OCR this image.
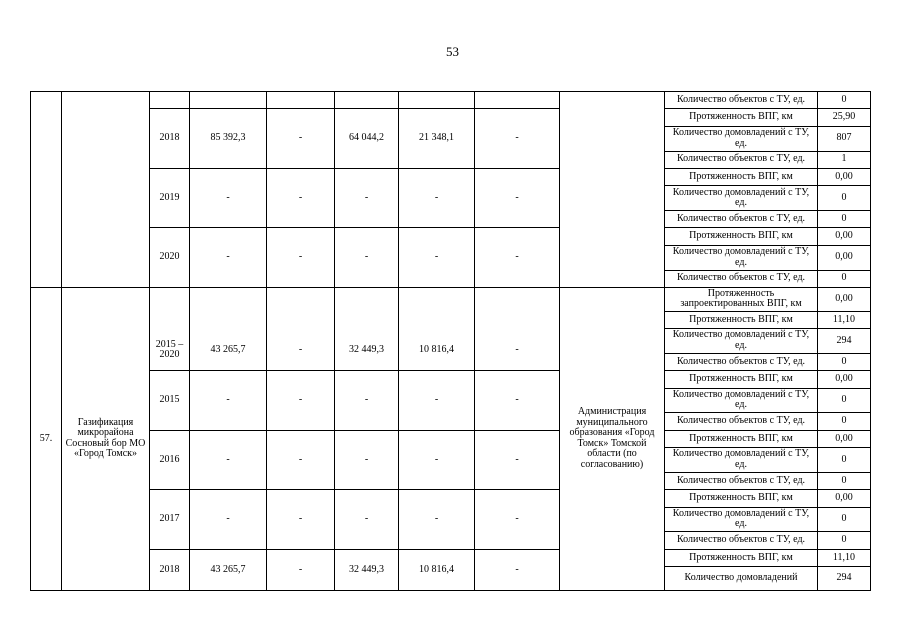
53
									Количество объектов с ТУ, ед.	0
		2018	85 392,3	-	64 044,2	21 348,1	-		Протяженность ВПГ, км	25,90
									Количество домовладений с ТУ, ед.	807
									Количество объектов с ТУ, ед.	1
		2019	-	-	-	-	-		Протяженность ВПГ, км	0,00
									Количество домовладений с ТУ, ед.	0
									Количество объектов с ТУ, ед.	0
		2020	-	-	-	-	-		Протяженность ВПГ, км	0,00
									Количество домовладений с ТУ, ед.	0,00
									Количество объектов с ТУ, ед.	0
57.	Газификация микрорайона Сосновый бор МО «Город Томск»	2015 – 2020	43 265,7	-	32 449,3	10 816,4	-	Администрация муниципального образования «Город Томск» Томской области (по согласованию)	Протяженность запроектированных ВПГ, км	0,00
									Протяженность ВПГ, км	11,10
									Количество домовладений с ТУ, ед.	294
									Количество объектов с ТУ, ед.	0
		2015	-	-	-	-	-		Протяженность ВПГ, км	0,00
									Количество домовладений с ТУ, ед.	0
									Количество объектов с ТУ, ед.	0
		2016	-	-	-	-	-		Протяженность ВПГ, км	0,00
									Количество домовладений с ТУ, ед.	0
									Количество объектов с ТУ, ед.	0
		2017	-	-	-	-	-		Протяженность ВПГ, км	0,00
									Количество домовладений с ТУ, ед.	0
									Количество объектов с ТУ, ед.	0
		2018	43 265,7	-	32 449,3	10 816,4	-		Протяженность ВПГ, км	11,10
									Количество домовладений	294
